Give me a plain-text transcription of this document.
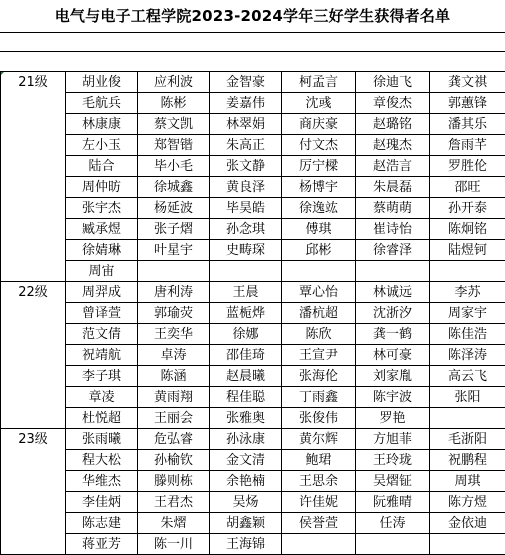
电气与电子工程学院2023-2024学年三好学生获得者名单
21级	胡业俊	应利波	金智豪	柯孟言	徐迪飞	龚文祺
	毛航兵	陈彬	姜嘉伟	沈彧	章俊杰	郭蕙锋
	林康康	蔡文凯	林翠娟	商庆豪	赵璐铭	潘其乐
	左小玉	郑智锴	朱高正	付文杰	赵瑰杰	詹雨芊
	陆合	毕小毛	张文静	厉宁樑	赵浩言	罗胜伦
	周仲昉	徐城鑫	黄良泽	杨博宇	朱晨磊	邵旺
	张宇杰	杨延波	毕昊皓	徐逸竑	蔡萌萌	孙开泰
	臧承煜	张子熠	孙念琪	傅琪	崔诗怡	陈炯铭
	徐婧琳	叶星宇	史畴琛	邱彬	徐睿泽	陆煜钶
	周宙					
22级	周羿成	唐利涛	王晨	覃心怡	林诚远	李苏
	曾译萱	郭瑜荧	蓝栀烨	潘杭超	沈浙汐	周家宇
	范文倩	王奕华	徐娜	陈欣	龚一鹤	陈佳浩
	祝靖航	卓涛	邵佳琦	王宣尹	林可豪	陈泽涛
	李子琪	陈涵	赵晨曦	张海伦	刘家胤	高云飞
	章凌	黄雨翔	程佳聪	丁雨鑫	陈宇波	张阳
	杜悦超	王丽会	张雅奥	张俊伟	罗艳	
23级	张雨曦	危弘睿	孙泳康	黄尔辉	方旭菲	毛浙阳
	程大松	孙榆钦	金文清	鲍珺	王玲珑	祝鹏程
	华维杰	滕则栋	余艳楠	王思余	吴熠钲	周琪
	李佳炳	王君杰	吴炀	许佳妮	阮雅晴	陈方煜
	陈志建	朱熠	胡鑫颖	侯誉萱	任涛	金依迪
	蒋亚芳	陈一川	王海锦			
